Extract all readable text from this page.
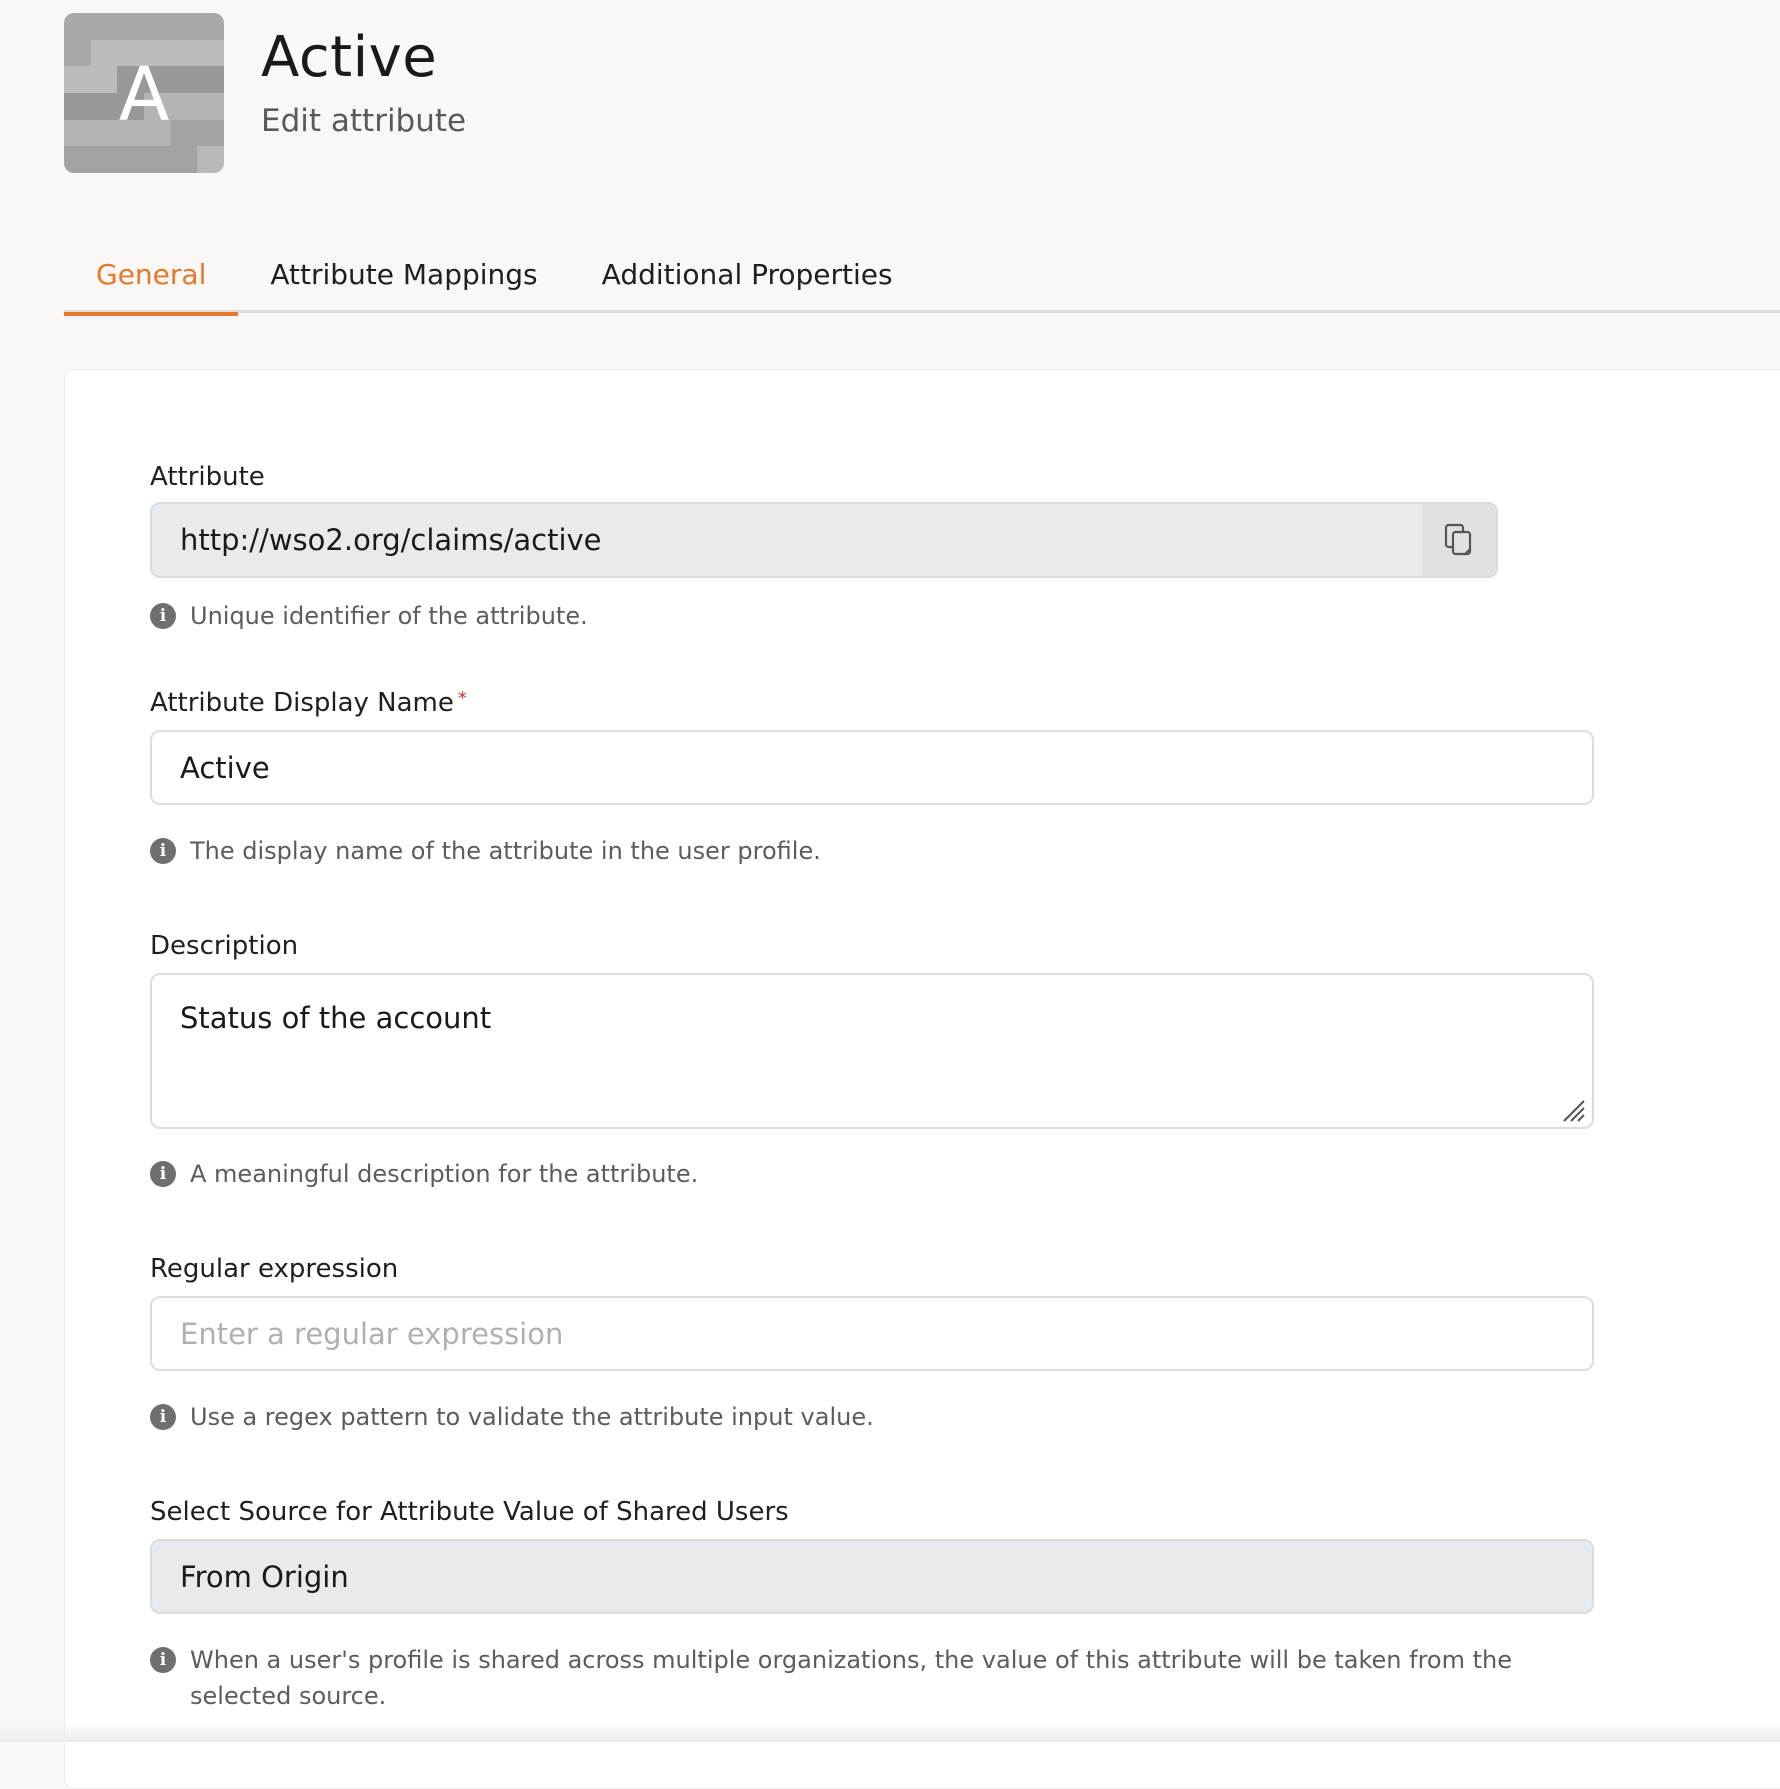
A	Active
Edit attribute
General	Attribute Mappings	Additional Properties
Attribute
http://wso2.org/claims/active
i Unique identifier of the attribute.
Attribute Display Name *
Active
i The display name of the attribute in the user profile.
Description
Status of the account
i A meaningful description for the attribute.
Regular expression
Enter a regular expression
i Use a regex pattern to validate the attribute input value.
Select Source for Attribute Value of Shared Users
From Origin
i When a user's profile is shared across multiple organizations, the value of this attribute will be taken from the selected source.
